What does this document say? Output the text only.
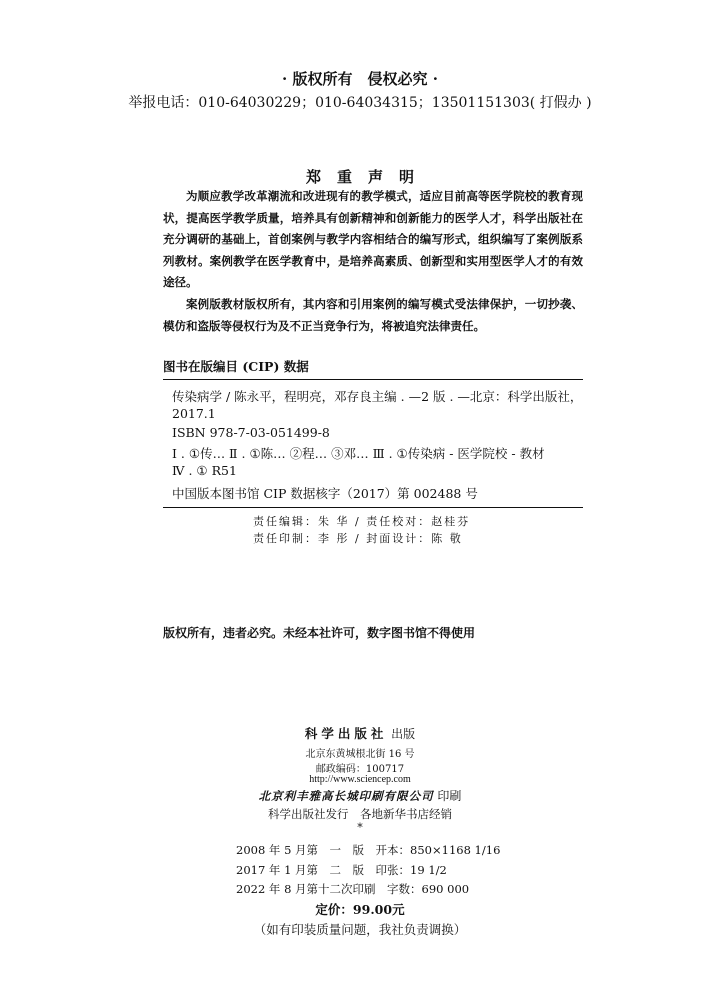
· 版权所有　侵权必究 ·
举报电话：010-64030229；010-64034315；13501151303( 打假办 )
郑重声明
为顺应教学改革潮流和改进现有的教学模式，适应目前高等医学院校的教育现状，提高医学教学质量，培养具有创新精神和创新能力的医学人才，科学出版社在充分调研的基础上，首创案例与教学内容相结合的编写形式，组织编写了案例版系列教材。案例教学在医学教育中，是培养高素质、创新型和实用型医学人才的有效途径。
案例版教材版权所有，其内容和引用案例的编写模式受法律保护，一切抄袭、模仿和盗版等侵权行为及不正当竞争行为，将被追究法律责任。
图书在版编目 (CIP) 数据
传染病学 / 陈永平，程明亮，邓存良主编 . —2 版 . —北京：科学出版社，
2017.1
ISBN 978-7-03-051499-8
Ⅰ . ①传… Ⅱ . ①陈… ②程… ③邓… Ⅲ . ①传染病 - 医学院校 - 教材
Ⅳ . ① R51
中国版本图书馆 CIP 数据核字（2017）第 002488 号
责任编辑：朱 华 / 责任校对：赵桂芬
责任印制：李 彤 / 封面设计：陈 敬
版权所有，违者必究。未经本社许可，数字图书馆不得使用
科学出版社 出版
北京东黄城根北街 16 号
邮政编码：100717
http://www.sciencep.com
北京利丰雅高长城印刷有限公司 印刷
科学出版社发行　各地新华书店经销
*
2008 年 5 月第　一　版　开本：850×1168 1/16
2017 年 1 月第　二　版　印张：19 1/2
2022 年 8 月第十二次印刷　字数：690 000
定价：99.00元
（如有印装质量问题，我社负责调换）
